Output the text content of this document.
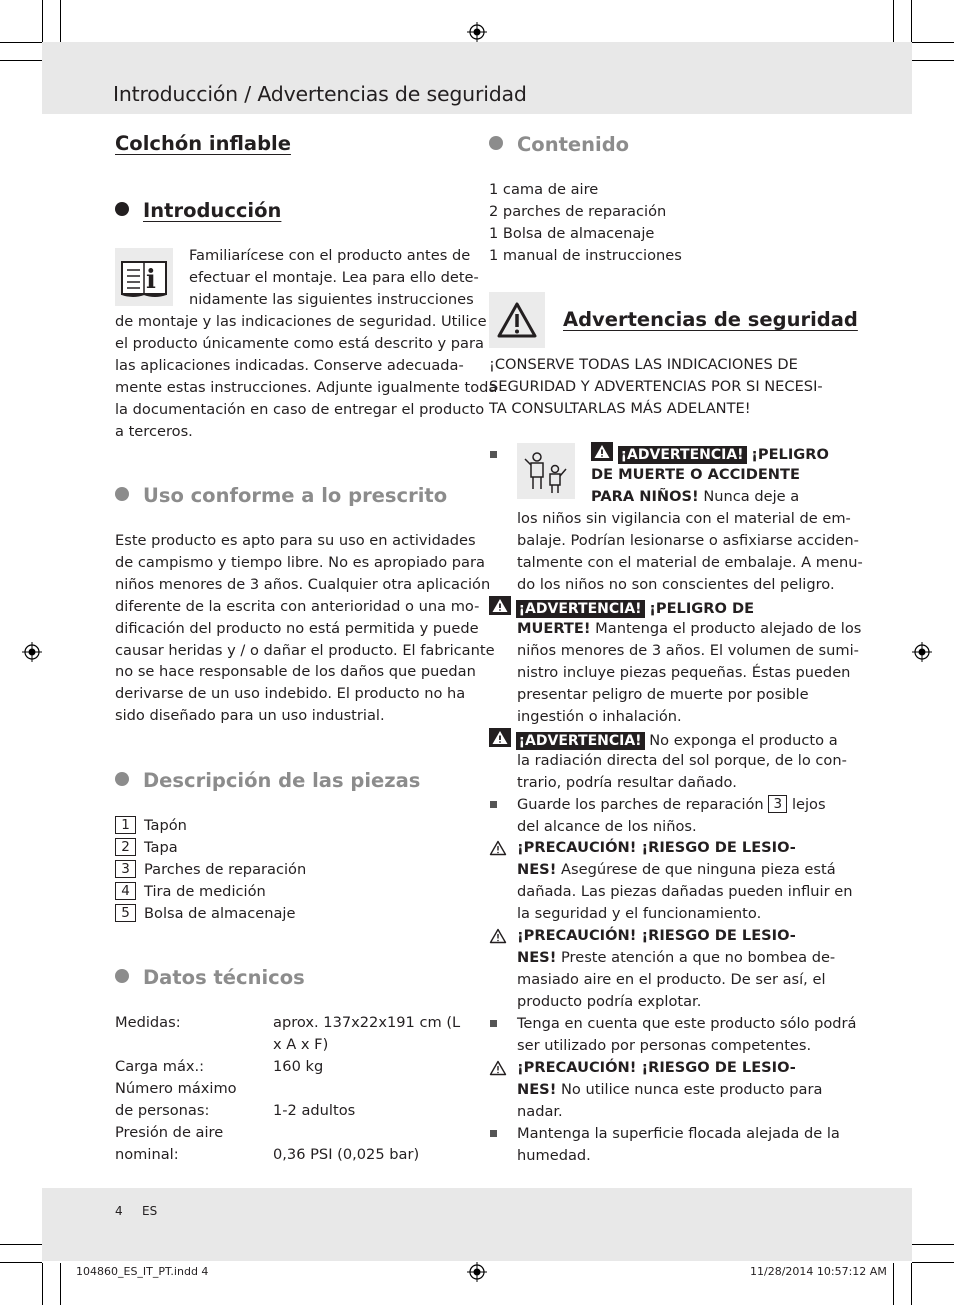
Introducción / Advertencias de seguridad
Colchón inflable
Introducción
i

Familiarícese con el producto antes de

efectuar el montaje. Lea para ello dete-

nidamente las siguientes instrucciones

de montaje y las indicaciones de seguridad. Utilice

el producto únicamente como está descrito y para

las aplicaciones indicadas. Conserve adecuada-

mente estas instrucciones. Adjunte igualmente toda

la documentación en caso de entregar el producto

a terceros.

Uso conforme a lo prescrito

Este producto es apto para su uso en actividades

de campismo y tiempo libre. No es apropiado para

niños menores de 3 años. Cualquier otra aplicación

diferente de la escrita con anterioridad o una mo-

dificación del producto no está permitida y puede

causar heridas y / o dañar el producto. El fabricante

no se hace responsable de los daños que puedan

derivarse de un uso indebido. El producto no ha

sido diseñado para un uso industrial.

Descripción de las piezas
1 Tapón
2 Tapa
3 Parches de reparación
4 Tira de medición
5 Bolsa de almacenaje
Datos técnicos
Medidas:	aprox. 137x22x191 cm (L
x A x F)
Carga máx.:	160 kg
Número máximo
de personas:	1-2 adultos
Presión de aire
nominal:	0,36 PSI (0,025 bar)
Contenido

1 cama de aire

2 parches de reparación

1 Bolsa de almacenaje

1 manual de instrucciones

Advertencias de seguridad

¡CONSERVE TODAS LAS INDICACIONES DE

SEGURIDAD Y ADVERTENCIAS POR SI NECESI-

TA CONSULTARLAS MÁS ADELANTE!

¡ADVERTENCIA! ¡PELIGRO
DE MUERTE O ACCIDENTE
PARA NIÑOS! Nunca deje a

los niños sin vigilancia con el material de em-

balaje. Podrían lesionarse o asfixiarse acciden-

talmente con el material de embalaje. A menu-

do los niños no son conscientes del peligro.

¡ADVERTENCIA! ¡PELIGRO DE
MUERTE! Mantenga el producto alejado de los

niños menores de 3 años. El volumen de sumi-

nistro incluye piezas pequeñas. Éstas pueden

presentar peligro de muerte por posible

ingestión o inhalación.

¡ADVERTENCIA! No exponga el producto a

la radiación directa del sol porque, de lo con-

trario, podría resultar dañado.

Guarde los parches de reparación 3 lejos
del alcance de los niños.
¡PRECAUCIÓN! ¡RIESGO DE LESIO-
NES! Asegúrese de que ninguna pieza está

dañada. Las piezas dañadas pueden influir en

la seguridad y el funcionamiento.

¡PRECAUCIÓN! ¡RIESGO DE LESIO-
NES! Preste atención a que no bombea de-

masiado aire en el producto. De ser así, el

producto podría explotar.

Tenga en cuenta que este producto sólo podrá

ser utilizado por personas competentes.

¡PRECAUCIÓN! ¡RIESGO DE LESIO-
NES! No utilice nunca este producto para

nadar.

Mantenga la superficie flocada alejada de la

humedad.

4 ES
104860_ES_IT_PT.indd 4	11/28/2014 10:57:12 AM
